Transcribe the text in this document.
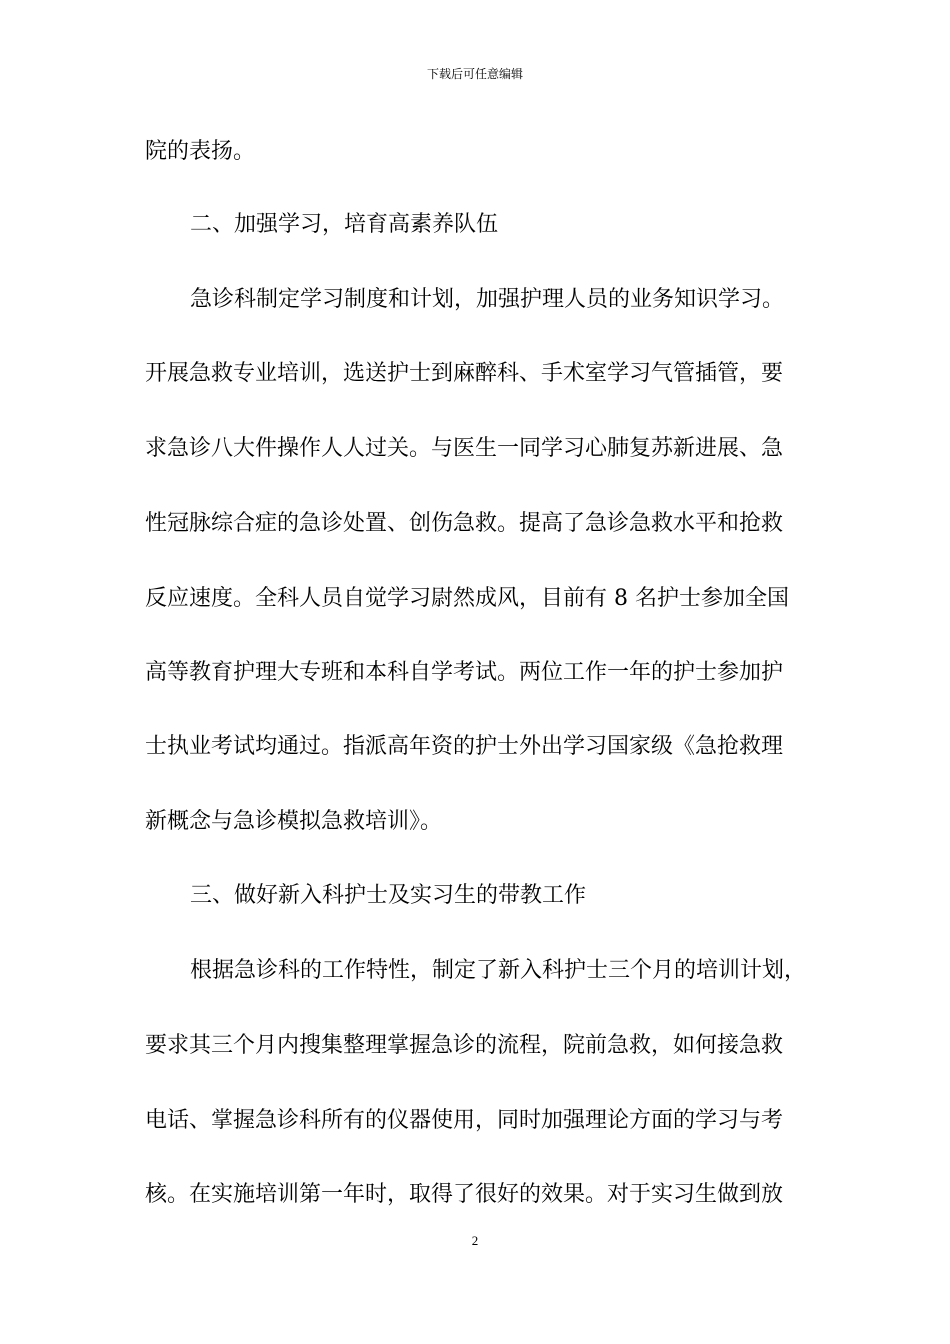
下载后可任意编辑
院的表扬。
二、加强学习，培育高素养队伍
急诊科制定学习制度和计划，加强护理人员的业务知识学习。
开展急救专业培训，选送护士到麻醉科、手术室学习气管插管，要
求急诊八大件操作人人过关。与医生一同学习心肺复苏新进展、急
性冠脉综合症的急诊处置、创伤急救。提高了急诊急救水平和抢救
反应速度。全科人员自觉学习尉然成风，目前有 8 名护士参加全国
高等教育护理大专班和本科自学考试。两位工作一年的护士参加护
士执业考试均通过。指派高年资的护士外出学习国家级《急抢救理
新概念与急诊模拟急救培训》。
三、做好新入科护士及实习生的带教工作
根据急诊科的工作特性，制定了新入科护士三个月的培训计划，
要求其三个月内搜集整理掌握急诊的流程，院前急救，如何接急救
电话、掌握急诊科所有的仪器使用，同时加强理论方面的学习与考
核。在实施培训第一年时，取得了很好的效果。对于实习生做到放
2
